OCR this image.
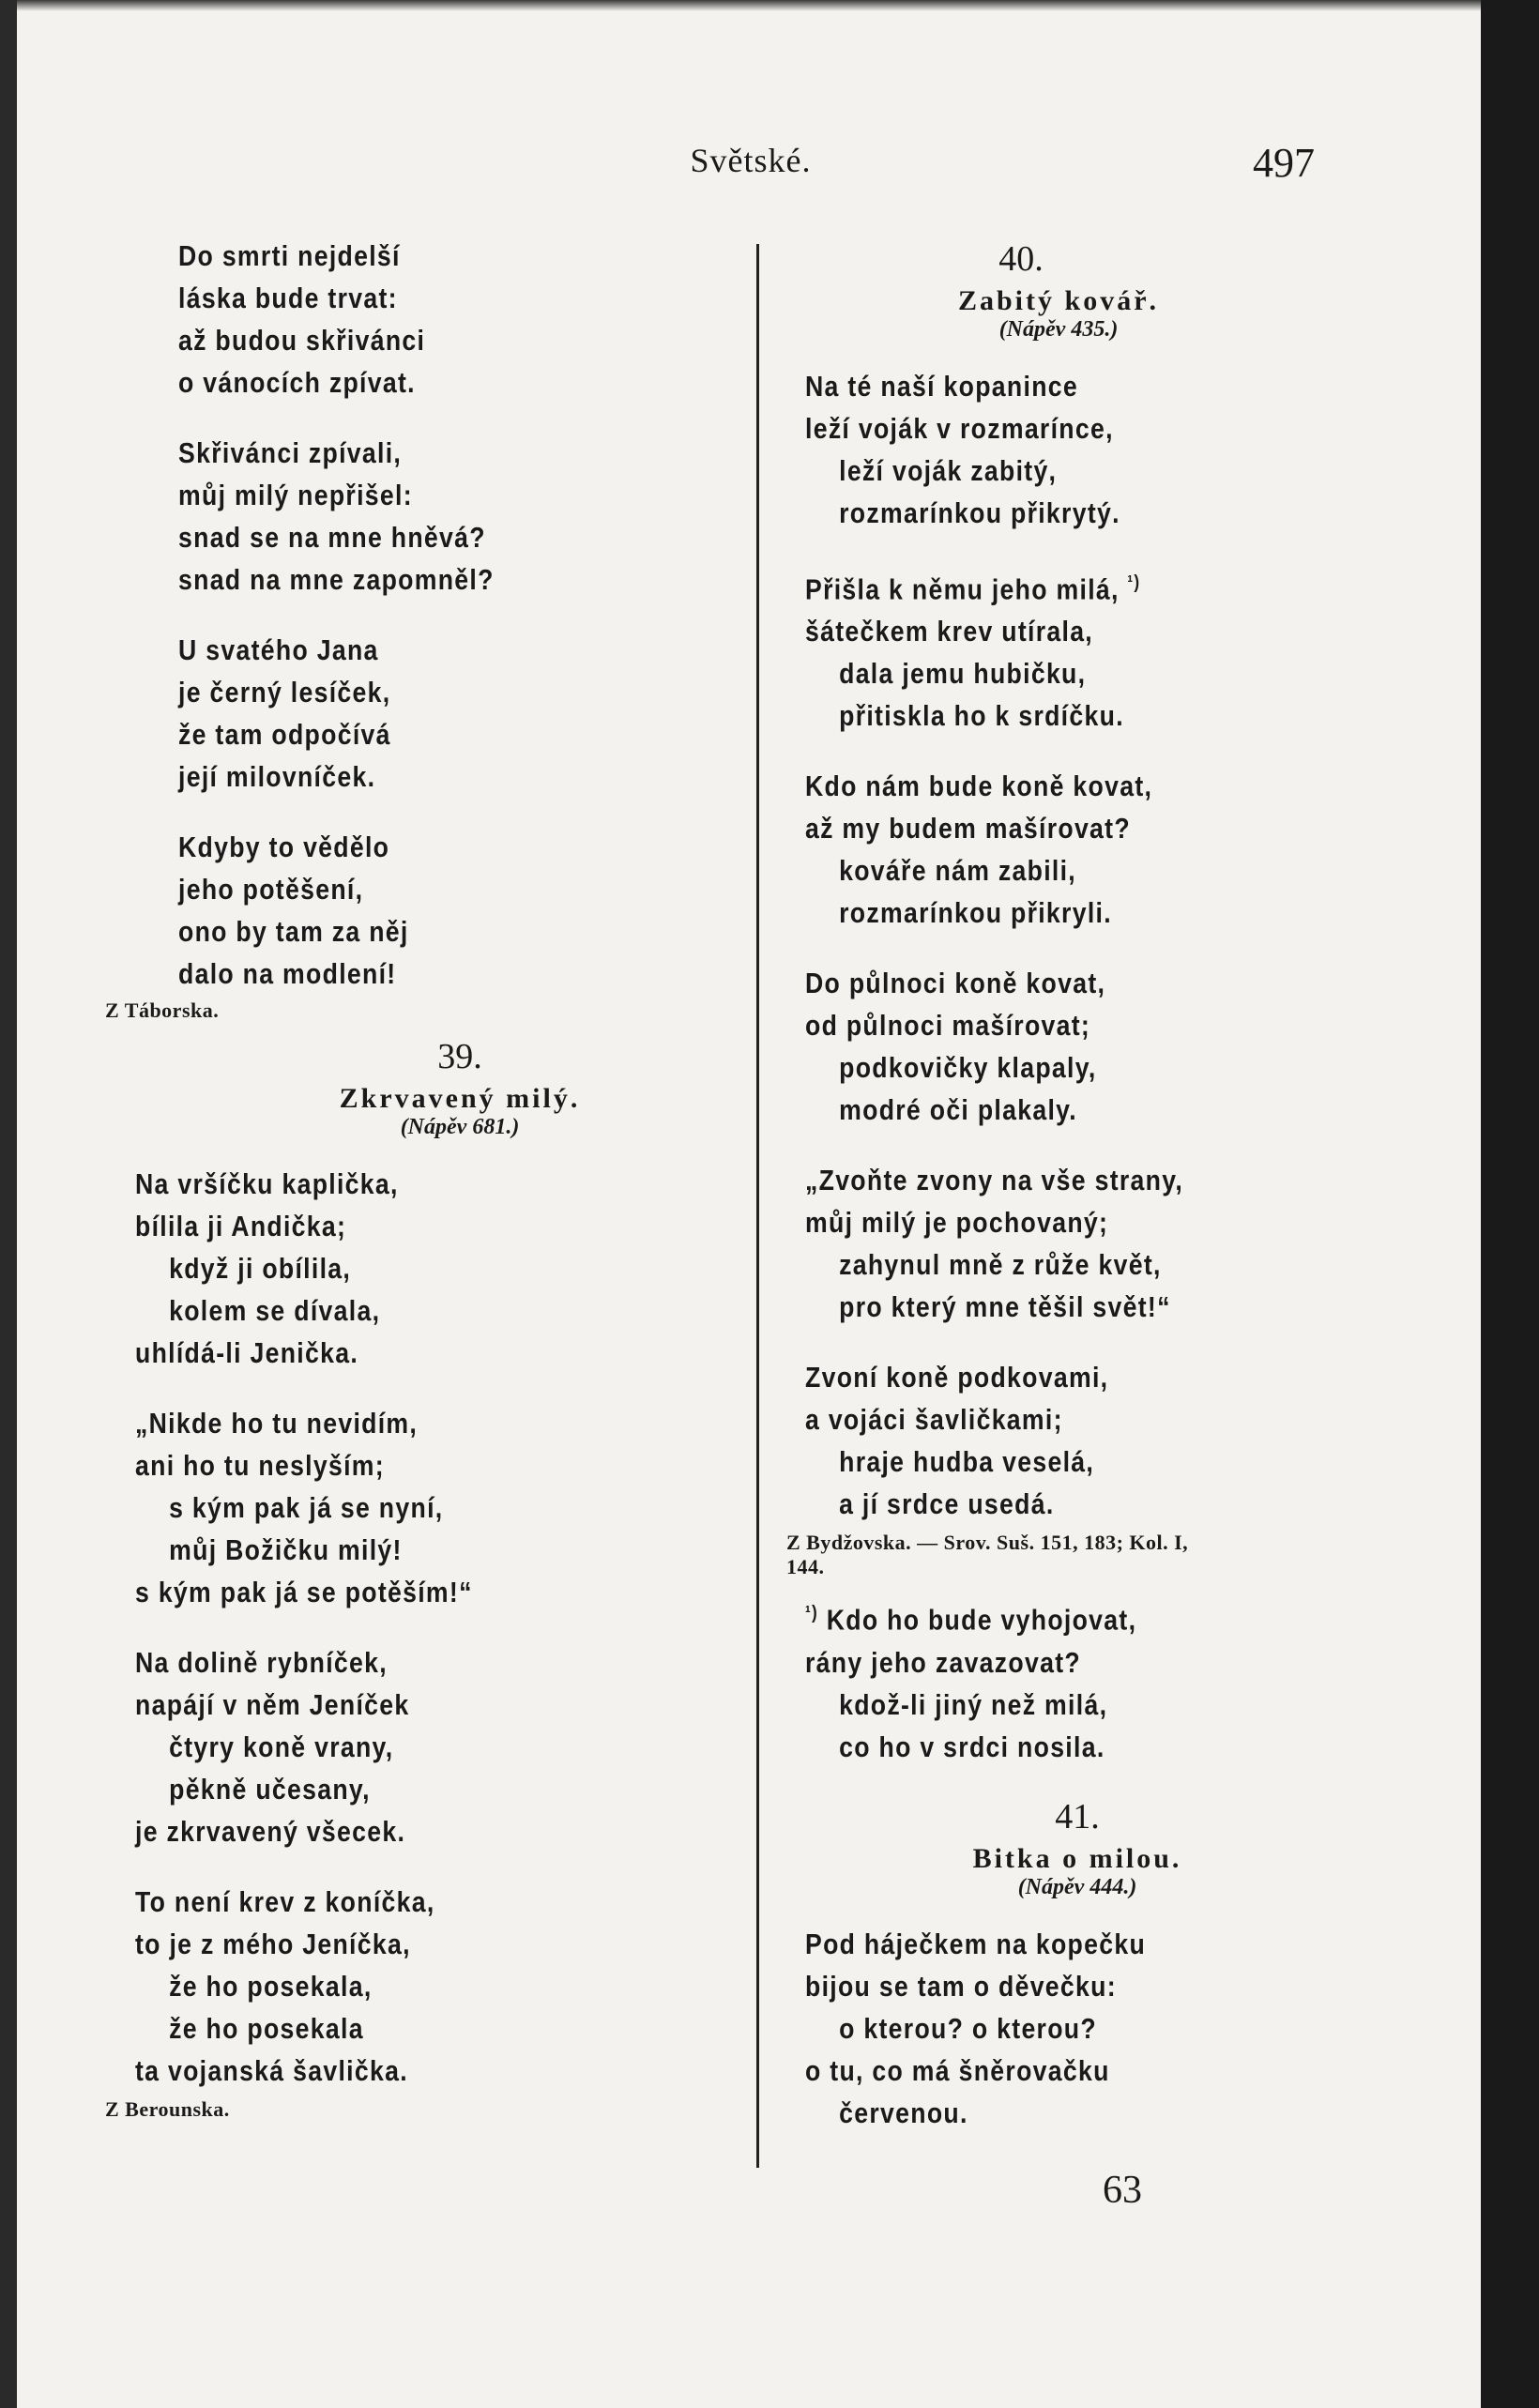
Světské.	497
Do smrti nejdelší
láska bude trvat:
až budou skřivánci
o vánocích zpívat.
Skřivánci zpívali,
můj milý nepřišel:
snad se na mne hněvá?
snad na mne zapomněl?
U svatého Jana
je černý lesíček,
že tam odpočívá
její milovníček.
Kdyby to vědělo
jeho potěšení,
ono by tam za něj
dalo na modlení!
Z Táborska.
39.
Zkrvavený milý.
(Nápěv 681.)
Na vršíčku kaplička,
bílila ji Andička;
když ji obílila,
kolem se dívala,
uhlídá-li Jenička.
„Nikde ho tu nevidím,
ani ho tu neslyším;
s kým pak já se nyní,
můj Božičku milý!
s kým pak já se potěším!“
Na dolině rybníček,
napájí v něm Jeníček
čtyry koně vrany,
pěkně učesany,
je zkrvavený všecek.
To není krev z koníčka,
to je z mého Jeníčka,
že ho posekala,
že ho posekala
ta vojanská šavlička.
Z Berounska.
40.
Zabitý kovář.
(Nápěv 435.)
Na té naší kopanince
leží voják v rozmarínce,
leží voják zabitý,
rozmarínkou přikrytý.
Přišla k němu jeho milá, $^{^1)}$
šátečkem krev utírala,
dala jemu hubičku,
přitiskla ho k srdíčku.
Kdo nám bude koně kovat,
až my budem mašírovat?
kováře nám zabili,
rozmarínkou přikryli.
Do půlnoci koně kovat,
od půlnoci mašírovat;
podkovičky klapaly,
modré oči plakaly.
„Zvoňte zvony na vše strany,
můj milý je pochovaný;
zahynul mně z růže květ,
pro který mne těšil svět!“
Zvoní koně podkovami,
a vojáci šavličkami;
hraje hudba veselá,
a jí srdce usedá.
Z Bydžovska. — Srov. Suš. 151, 183; Kol. I,
144.
$^{^1)}$ Kdo ho bude vyhojovat,
rány jeho zavazovat?
kdož-li jiný než milá,
co ho v srdci nosila.
41.
Bitka o milou.
(Nápěv 444.)
Pod háječkem na kopečku
bijou se tam o děvečku:
o kterou? o kterou?
o tu, co má šněrovačku
červenou.
63
